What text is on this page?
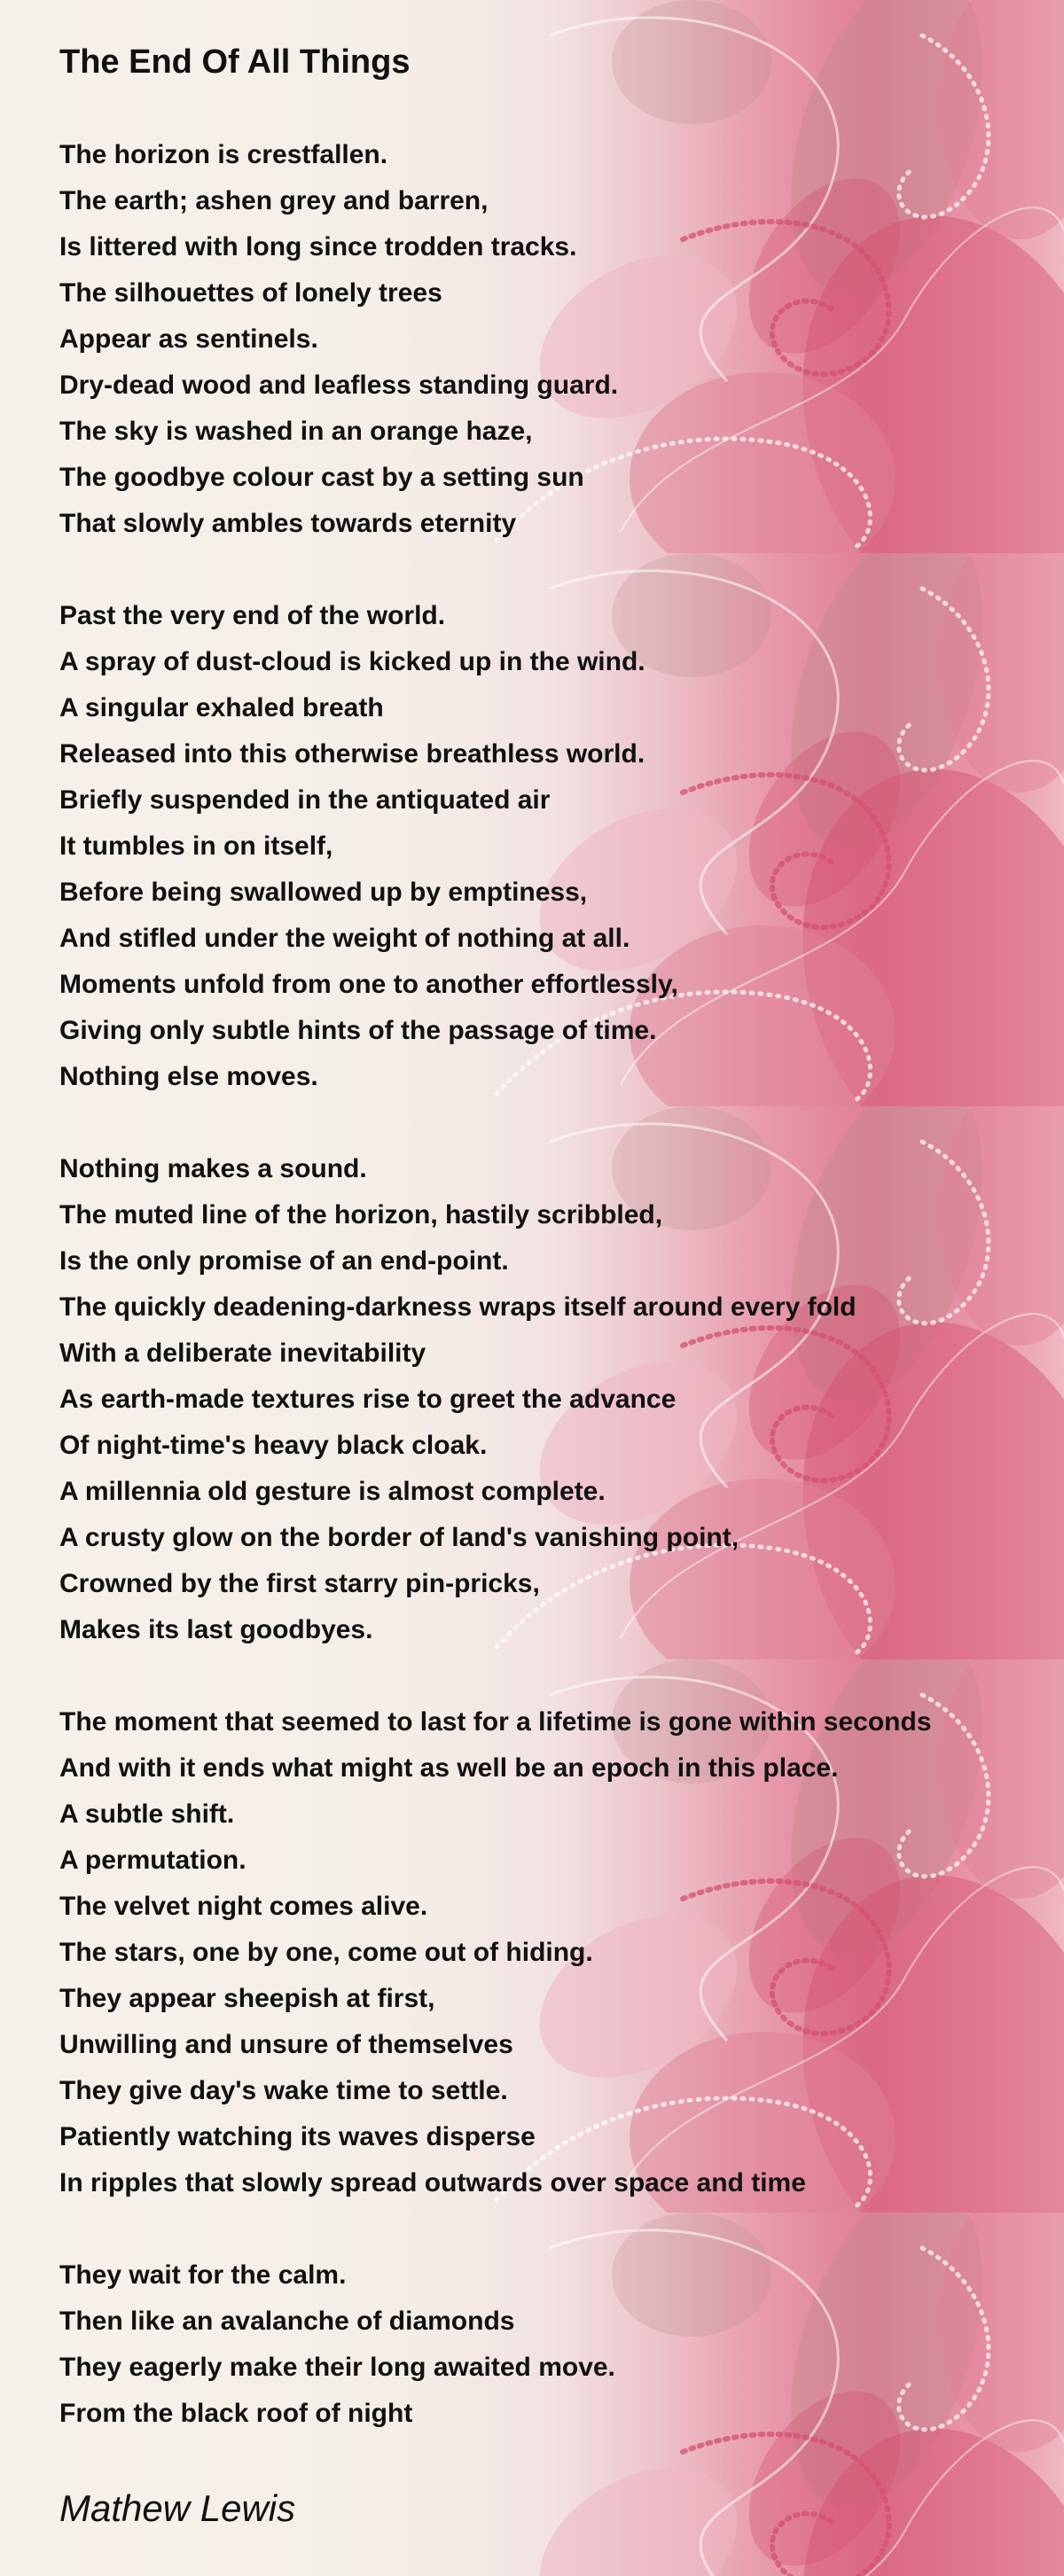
The End Of All Things
The horizon is crestfallen.
The earth; ashen grey and barren,
Is littered with long since trodden tracks.
The silhouettes of lonely trees
Appear as sentinels.
Dry-dead wood and leafless standing guard.
The sky is washed in an orange haze,
The goodbye colour cast by a setting sun
That slowly ambles towards eternity
Past the very end of the world.
A spray of dust-cloud is kicked up in the wind.
A singular exhaled breath
Released into this otherwise breathless world.
Briefly suspended in the antiquated air
It tumbles in on itself,
Before being swallowed up by emptiness,
And stifled under the weight of nothing at all.
Moments unfold from one to another effortlessly,
Giving only subtle hints of the passage of time.
Nothing else moves.
Nothing makes a sound.
The muted line of the horizon, hastily scribbled,
Is the only promise of an end-point.
The quickly deadening-darkness wraps itself around every fold
With a deliberate inevitability
As earth-made textures rise to greet the advance
Of night-time's heavy black cloak.
A millennia old gesture is almost complete.
A crusty glow on the border of land's vanishing point,
Crowned by the first starry pin-pricks,
Makes its last goodbyes.
The moment that seemed to last for a lifetime is gone within seconds
And with it ends what might as well be an epoch in this place.
A subtle shift.
A permutation.
The velvet night comes alive.
The stars, one by one, come out of hiding.
They appear sheepish at first,
Unwilling and unsure of themselves
They give day's wake time to settle.
Patiently watching its waves disperse
In ripples that slowly spread outwards over space and time
They wait for the calm.
Then like an avalanche of diamonds
They eagerly make their long awaited move.
From the black roof of night

Mathew Lewis
